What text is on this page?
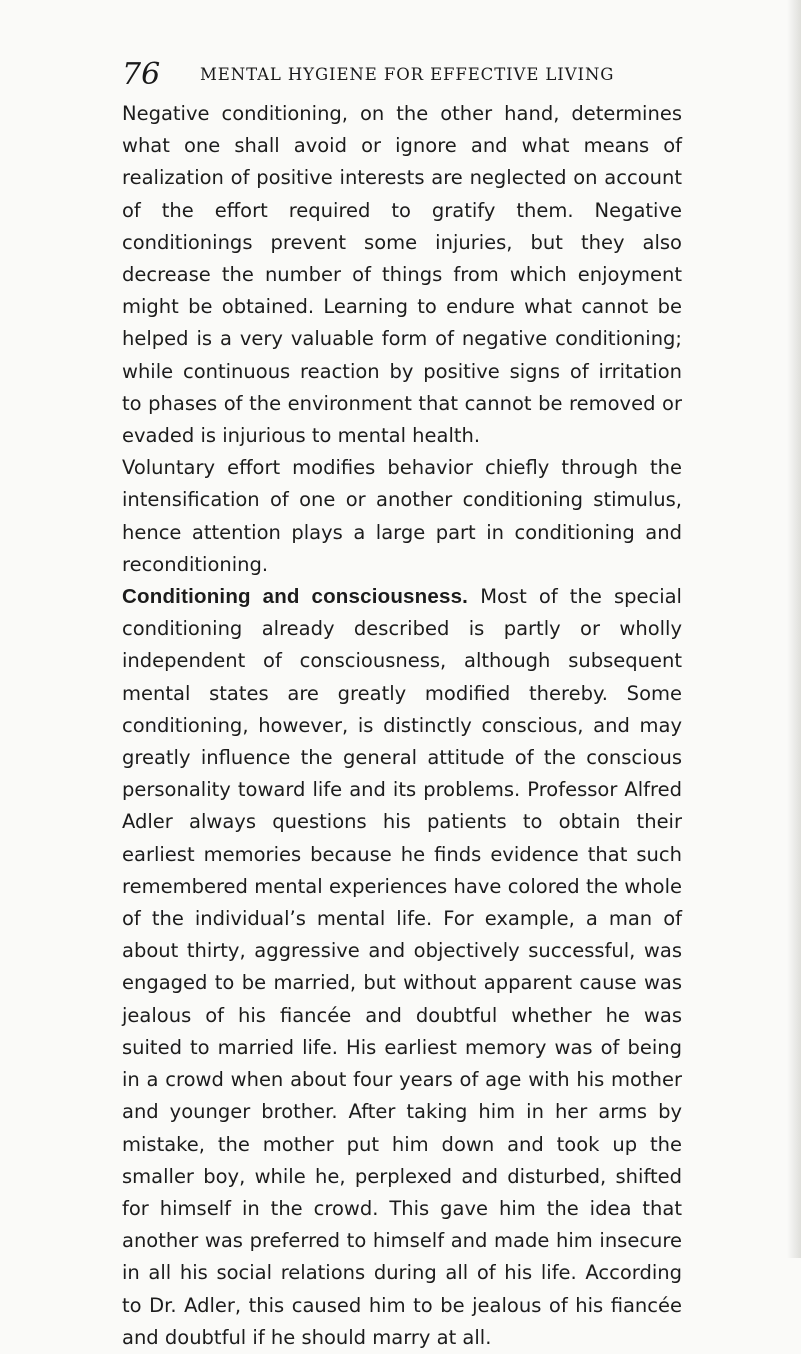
76 MENTAL HYGIENE FOR EFFECTIVE LIVING

Negative conditioning, on the other hand, determines what one shall avoid or ignore and what means of realization of positive interests are neglected on account of the effort required to gratify them. Negative conditionings prevent some injuries, but they also decrease the number of things from which enjoyment might be obtained. Learning to endure what cannot be helped is a very valuable form of negative conditioning; while continuous reaction by positive signs of irritation to phases of the environment that cannot be removed or evaded is injurious to mental health.

Voluntary effort modifies behavior chiefly through the intensification of one or another conditioning stimulus, hence attention plays a large part in conditioning and reconditioning.

Conditioning and consciousness. Most of the special conditioning already described is partly or wholly independent of consciousness, although subsequent mental states are greatly modified thereby. Some conditioning, however, is distinctly conscious, and may greatly influence the general attitude of the conscious personality toward life and its problems. Professor Alfred Adler always questions his patients to obtain their earliest memories because he finds evidence that such remembered mental experiences have colored the whole of the individual’s mental life. For example, a man of about thirty, aggressive and objectively successful, was engaged to be married, but without apparent cause was jealous of his fiancée and doubtful whether he was suited to married life. His earliest memory was of being in a crowd when about four years of age with his mother and younger brother. After taking him in her arms by mistake, the mother put him down and took up the smaller boy, while he, perplexed and disturbed, shifted for himself in the crowd. This gave him the idea that another was preferred to himself and made him insecure in all his social relations during all of his life. According to Dr. Adler, this caused him to be jealous of his fiancée and doubtful if he should marry at all.
